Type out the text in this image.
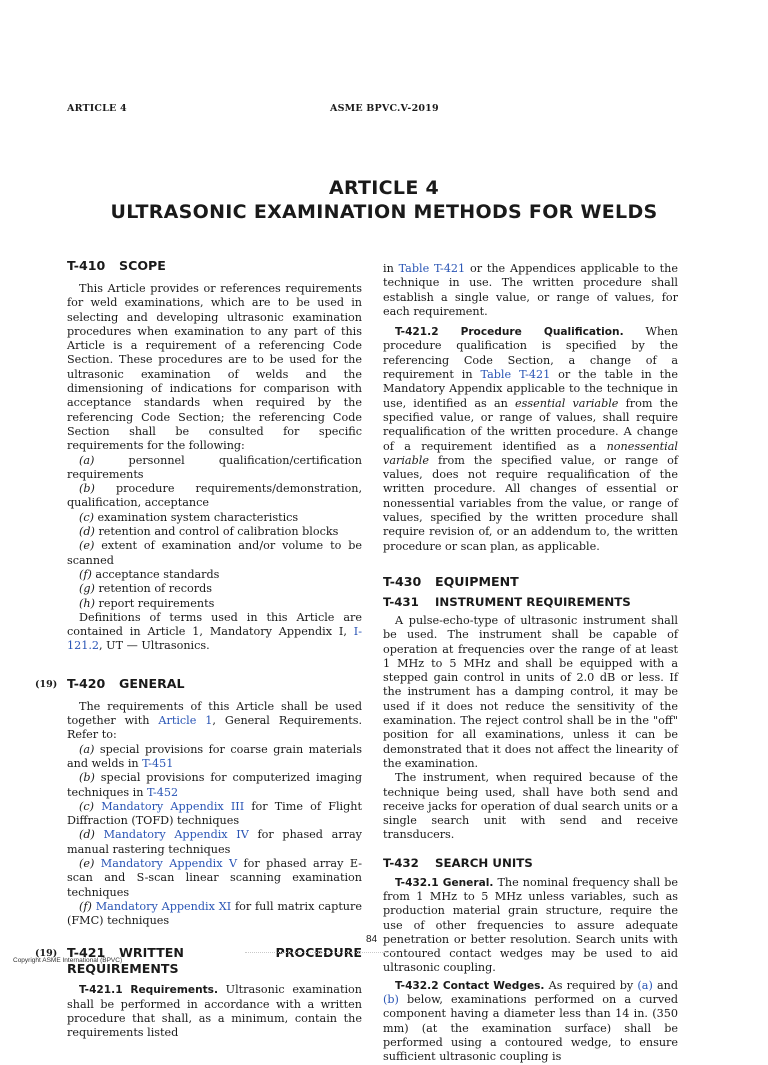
ARTICLE 4	ASME BPVC.V-2019
ARTICLE 4
ULTRASONIC EXAMINATION METHODS FOR WELDS
T-410 SCOPE

This Article provides or references requirements for weld examinations, which are to be used in selecting and developing ultrasonic examination procedures when examination to any part of this Article is a requirement of a referencing Code Section. These procedures are to be used for the ultrasonic examination of welds and the dimensioning of indications for comparison with acceptance standards when required by the referencing Code Section; the referencing Code Section shall be consulted for specific requirements for the following:

(a) personnel qualification/certification requirements

(b) procedure requirements/demonstration, qualification, acceptance

(c) examination system characteristics

(d) retention and control of calibration blocks

(e) extent of examination and/or volume to be scanned

(f) acceptance standards

(g) retention of records

(h) report requirements

Definitions of terms used in this Article are contained in Article 1, Mandatory Appendix I, I-121.2, UT — Ultrasonics.

(19) T-420 GENERAL

The requirements of this Article shall be used together with Article 1, General Requirements. Refer to:

(a) special provisions for coarse grain materials and welds in T-451

(b) special provisions for computerized imaging techniques in T-452

(c) Mandatory Appendix III for Time of Flight Diffraction (TOFD) techniques

(d) Mandatory Appendix IV for phased array manual rastering techniques

(e) Mandatory Appendix V for phased array E-scan and S-scan linear scanning examination techniques

(f) Mandatory Appendix XI for full matrix capture (FMC) techniques

(19) T-421 WRITTEN PROCEDURE REQUIREMENTS

T-421.1 Requirements. Ultrasonic examination shall be performed in accordance with a written procedure that shall, as a minimum, contain the requirements listed

in Table T-421 or the Appendices applicable to the technique in use. The written procedure shall establish a single value, or range of values, for each requirement.

T-421.2 Procedure Qualification. When procedure qualification is specified by the referencing Code Section, a change of a requirement in Table T-421 or the table in the Mandatory Appendix applicable to the technique in use, identified as an essential variable from the specified value, or range of values, shall require requalification of the written procedure. A change of a requirement identified as a nonessential variable from the specified value, or range of values, does not require requalification of the written procedure. All changes of essential or nonessential variables from the value, or range of values, specified by the written procedure shall require revision of, or an addendum to, the written procedure or scan plan, as applicable.

T-430 EQUIPMENT
T-431 INSTRUMENT REQUIREMENTS

A pulse-echo-type of ultrasonic instrument shall be used. The instrument shall be capable of operation at frequencies over the range of at least 1 MHz to 5 MHz and shall be equipped with a stepped gain control in units of 2.0 dB or less. If the instrument has a damping control, it may be used if it does not reduce the sensitivity of the examination. The reject control shall be in the "off" position for all examinations, unless it can be demonstrated that it does not affect the linearity of the examination.

The instrument, when required because of the technique being used, shall have both send and receive jacks for operation of dual search units or a single search unit with send and receive transducers.

T-432 SEARCH UNITS

T-432.1 General. The nominal frequency shall be from 1 MHz to 5 MHz unless variables, such as production material grain structure, require the use of other frequencies to assure adequate penetration or better resolution. Search units with contoured contact wedges may be used to aid ultrasonic coupling.

T-432.2 Contact Wedges. As required by (a) and (b) below, examinations performed on a curved component having a diameter less than 14 in. (350 mm) (at the examination surface) shall be performed using a contoured wedge, to ensure sufficient ultrasonic coupling is

84
Copyright ASME International (BPVC)
